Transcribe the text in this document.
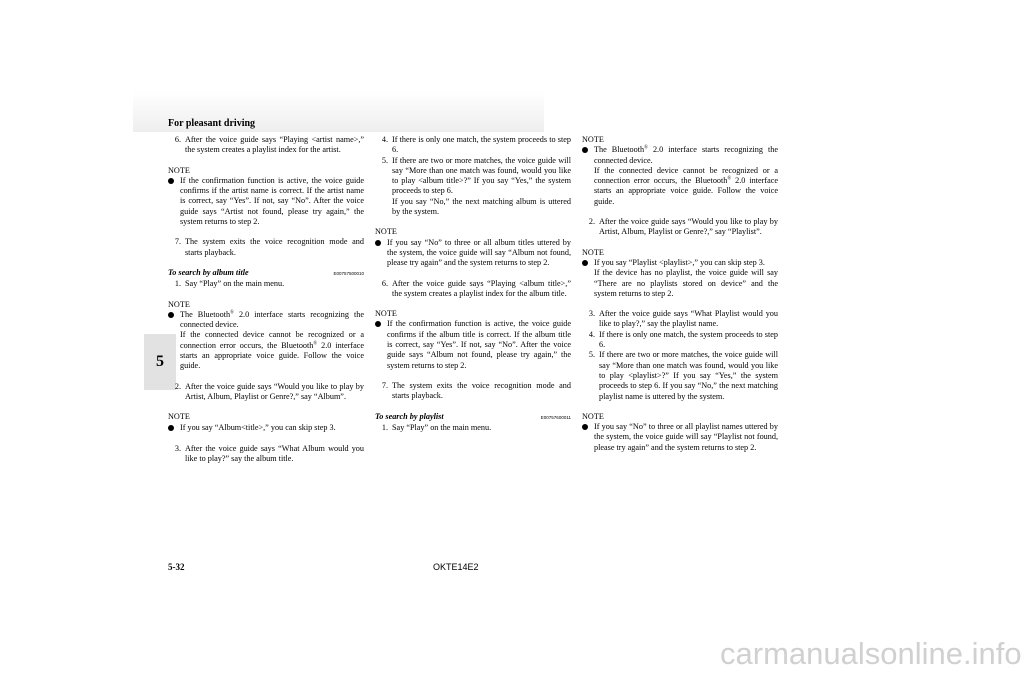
For pleasant driving
5
6. After the voice guide says “Playing <artist name>,” the system creates a playlist index for the artist.
NOTE
If the confirmation function is active, the voice guide confirms if the artist name is correct. If the artist name is correct, say “Yes”. If not, say “No”. After the voice guide says “Artist not found, please try again,” the system returns to step 2.
7. The system exits the voice recognition mode and starts playback.
To search by album title	E00757500010
1. Say “Play” on the main menu.
NOTE
The Bluetooth® 2.0 interface starts recognizing the connected device.
If the connected device cannot be recognized or a connection error occurs, the Bluetooth® 2.0 interface starts an appropriate voice guide. Follow the voice guide.
2. After the voice guide says “Would you like to play by Artist, Album, Playlist or Genre?,” say “Album”.
NOTE
If you say “Album<title>,” you can skip step 3.
3. After the voice guide says “What Album would you like to play?” say the album title.
4. If there is only one match, the system proceeds to step 6.
5. If there are two or more matches, the voice guide will say “More than one match was found, would you like to play <album title>?” If you say “Yes,” the system proceeds to step 6.
If you say “No,” the next matching album is uttered by the system.
NOTE
If you say “No” to three or all album titles uttered by the system, the voice guide will say “Album not found, please try again” and the system returns to step 2.
6. After the voice guide says “Playing <album title>,” the system creates a playlist index for the album title.
NOTE
If the confirmation function is active, the voice guide confirms if the album title is correct. If the album title is correct, say “Yes”. If not, say “No”. After the voice guide says “Album not found, please try again,” the system returns to step 2.
7. The system exits the voice recognition mode and starts playback.
To search by playlist	E00757600011
1. Say “Play” on the main menu.
NOTE
The Bluetooth® 2.0 interface starts recognizing the connected device.
If the connected device cannot be recognized or a connection error occurs, the Bluetooth® 2.0 interface starts an appropriate voice guide. Follow the voice guide.
2. After the voice guide says “Would you like to play by Artist, Album, Playlist or Genre?,” say “Playlist”.
NOTE
If you say “Playlist <playlist>,” you can skip step 3.
If the device has no playlist, the voice guide will say “There are no playlists stored on device” and the system returns to step 2.
3. After the voice guide says “What Playlist would you like to play?,” say the playlist name.
4. If there is only one match, the system proceeds to step 6.
5. If there are two or more matches, the voice guide will say “More than one match was found, would you like to play <playlist>?” If you say “Yes,” the system proceeds to step 6. If you say “No,” the next matching playlist name is uttered by the system.
NOTE
If you say “No” to three or all playlist names uttered by the system, the voice guide will say “Playlist not found, please try again” and the system returns to step 2.
5-32	OKTE14E2
carmanualsonline.info
